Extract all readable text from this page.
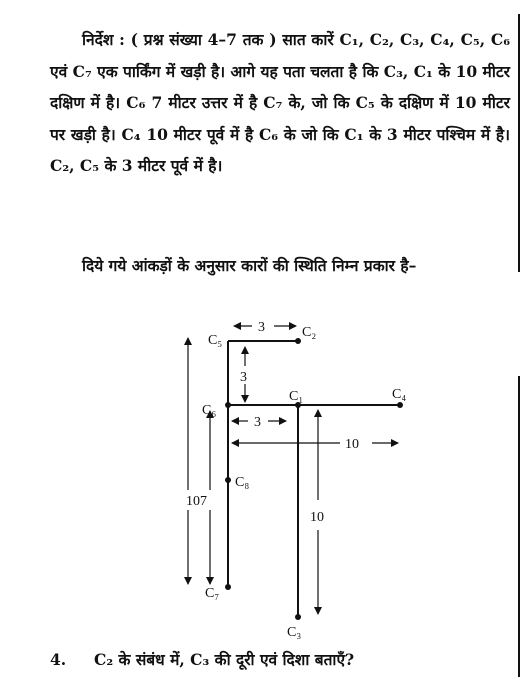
निर्देश : ( प्रश्न संख्या 4–7 तक ) सात कारें C₁, C₂, C₃, C₄, C₅, C₆ एवं C₇ एक पार्किंग में खड़ी है। आगे यह पता चलता है कि C₃, C₁ के 10 मीटर दक्षिण में है। C₆ 7 मीटर उत्तर में है C₇ के, जो कि C₅ के दक्षिण में 10 मीटर पर खड़ी है। C₄ 10 मीटर पूर्व में है C₆ के जो कि C₁ के 3 मीटर पश्चिम में है। C₂, C₅ के 3 मीटर पूर्व में है।
दिये गये आंकड़ों के अनुसार कारों की स्थिति निम्न प्रकार है–
C₅
C₂
C₆
C₁	C₄
C₈
C₇
C₃
3
3
3
10
107
10
4. C₂ के संबंध में, C₃ की दूरी एवं दिशा बताएँ?
